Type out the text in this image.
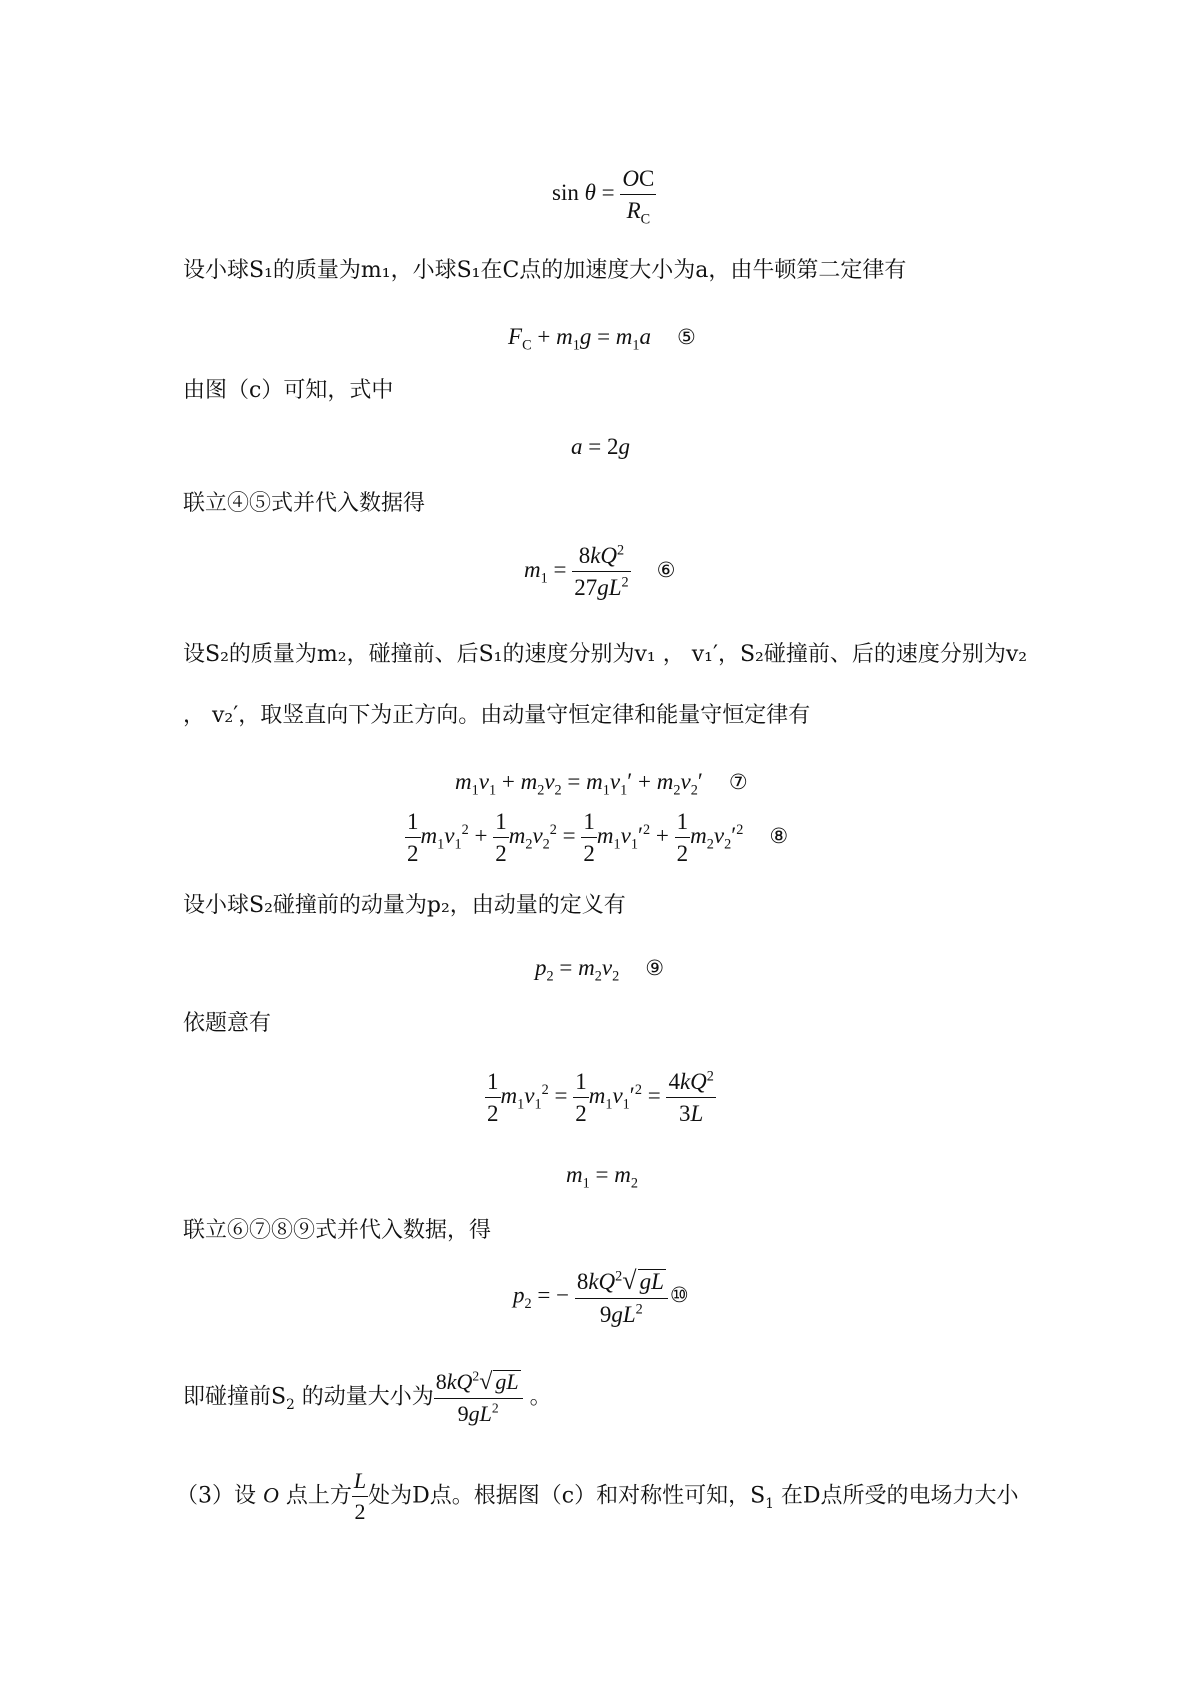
$\sin \theta = \frac{OC}{R_C}$
设小球S₁的质量为m₁，小球S₁在C点的加速度大小为a，由牛顿第二定律有
$F_C + m_1g = m_1a$ ⑤
由图（c）可知，式中
a = 2g
联立④⑤式并代入数据得
$m_1 = \frac{8kQ^2}{27gL^2}$ ⑥
设S₂的质量为m₂，碰撞前、后S₁的速度分别为v₁ ， v₁′，S₂碰撞前、后的速度分别为v₂
， v₂′，取竖直向下为正方向。由动量守恒定律和能量守恒定律有
$m_1v_1 + m_2v_2 = m_1v_1' + m_2v_2'$ ⑦
$\frac{1}{2} m_1v_1^2 + \frac{1}{2} m_2v_2^2 = \frac{1}{2} m_1v_1'^2 + \frac{1}{2} m_2v_2'^2$ ⑧
设小球S₂碰撞前的动量为p₂，由动量的定义有
$p_2 = m_2v_2$ ⑨
依题意有
$\frac{1}{2} m_1v_1^2 = \frac{1}{2} m_1v_1'^2 = \frac{4kQ^2}{3L}$
$m_1 = m_2$
联立⑥⑦⑧⑨式并代入数据，得
$p_2$ = − $\frac{8kQ^2√ gL}{9gL^2}$ ⑩
即碰撞前$S_2$ 的动量大小为 $\frac{8kQ^2√ gL}{9gL^2}$ 。
（3）设 O 点上方 $\frac{L}{2}$ 处为D点。根据图（c）和对称性可知，$S_1$ 在D点所受的电场力大小
